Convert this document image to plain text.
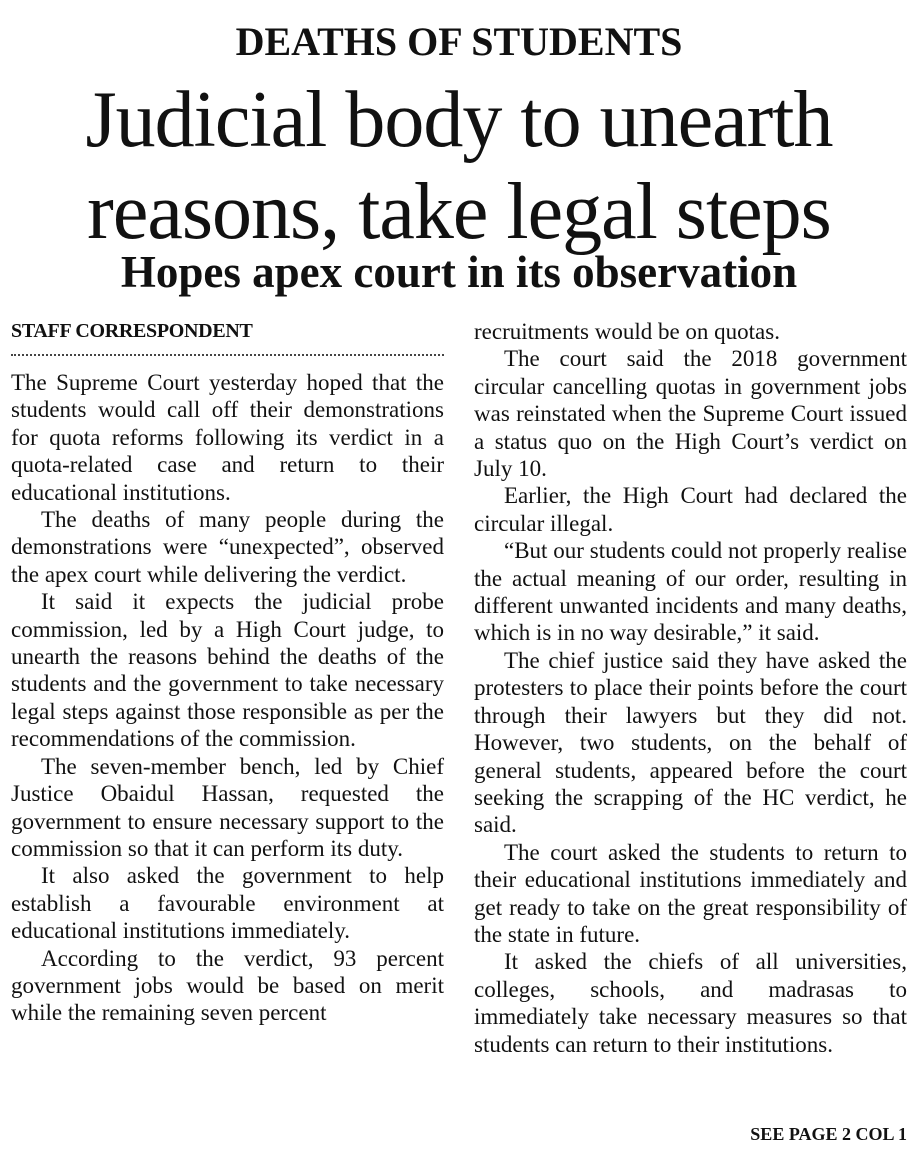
DEATHS OF STUDENTS
Judicial body to unearth
reasons, take legal steps
Hopes apex court in its observation
STAFF CORRESPONDENT

The Supreme Court yesterday hoped that the students would call off their demonstrations for quota reforms following its verdict in a quota-related case and return to their educational institutions.

The deaths of many people during the demonstrations were “unexpected”, observed the apex court while delivering the verdict.

It said it expects the judicial probe commission, led by a High Court judge, to unearth the reasons behind the deaths of the students and the government to take necessary legal steps against those responsible as per the recommendations of the commission.

The seven-member bench, led by Chief Justice Obaidul Hassan, requested the government to ensure necessary support to the commission so that it can perform its duty.

It also asked the government to help establish a favourable environment at educational institutions immediately.

According to the verdict, 93 percent government jobs would be based on merit while the remaining seven percent

recruitments would be on quotas.

The court said the 2018 government circular cancelling quotas in government jobs was reinstated when the Supreme Court issued a status quo on the High Court’s verdict on July 10.

Earlier, the High Court had declared the circular illegal.

“But our students could not properly realise the actual meaning of our order, resulting in different unwanted incidents and many deaths, which is in no way desirable,” it said.

The chief justice said they have asked the protesters to place their points before the court through their lawyers but they did not. However, two students, on the behalf of general students, appeared before the court seeking the scrapping of the HC verdict, he said.

The court asked the students to return to their educational institutions immediately and get ready to take on the great responsibility of the state in future.

It asked the chiefs of all universities, colleges, schools, and madrasas to immediately take necessary measures so that students can return to their institutions.

SEE PAGE 2 COL 1
